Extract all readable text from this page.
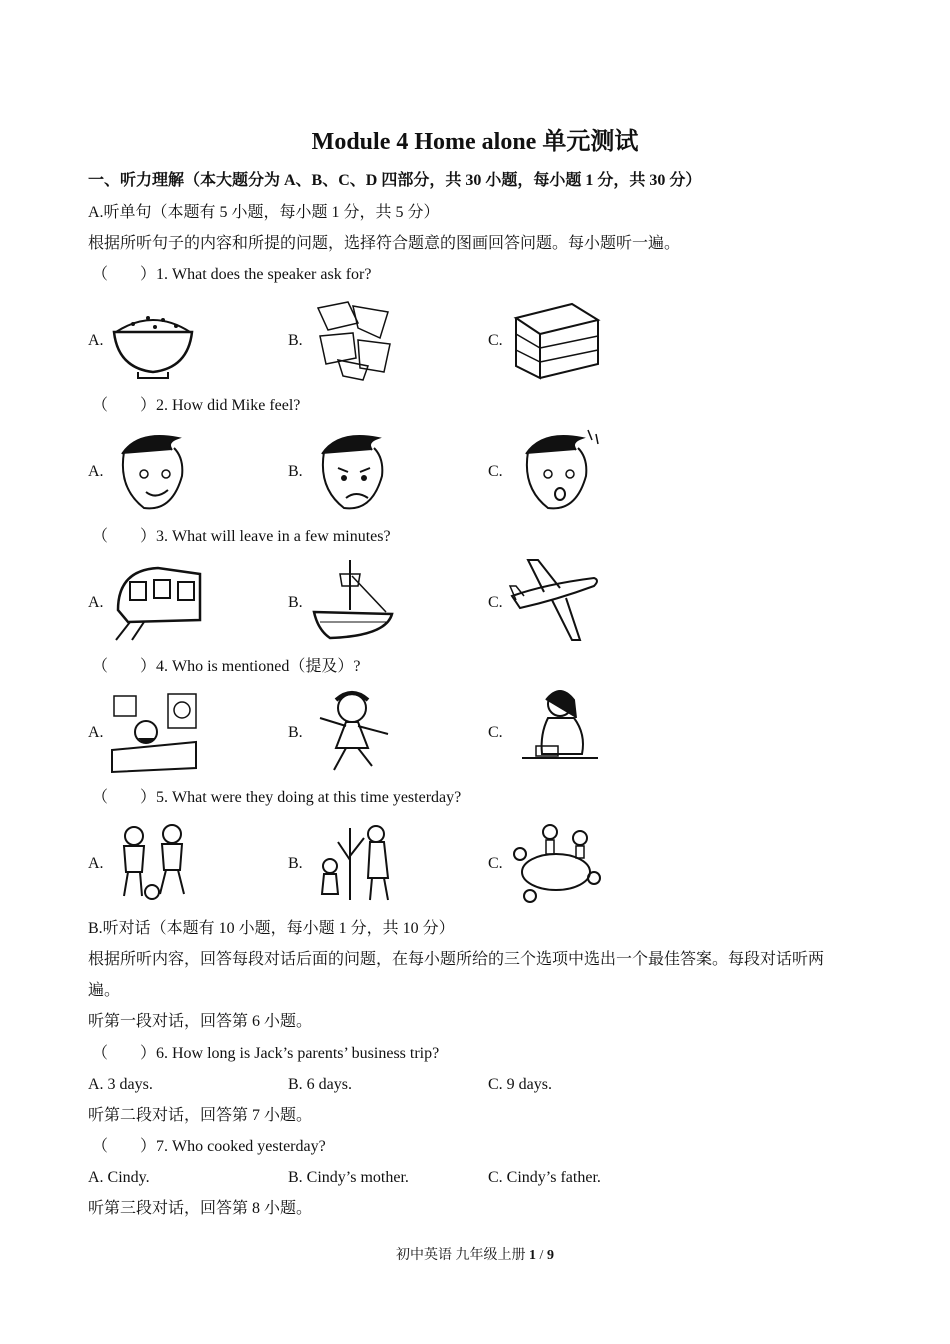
Module 4 Home alone 单元测试
一、听力理解（本大题分为 A、B、C、D 四部分，共 30 小题，每小题 1 分，共 30 分）
A.听单句（本题有 5 小题，每小题 1 分，共 5 分）
根据所听句子的内容和所提的问题，选择符合题意的图画回答问题。每小题听一遍。
（　　）1. What does the speaker ask for?
A.	B.	C.
（　　）2. How did Mike feel?
A.	B.	C.
（　　）3. What will leave in a few minutes?
A.	B.	C.
（　　）4. Who is mentioned（提及）?
A.	B.	C.
（　　）5. What were they doing at this time yesterday?
A.	B.	C.
B.听对话（本题有 10 小题，每小题 1 分，共 10 分）
根据所听内容，回答每段对话后面的问题，在每小题所给的三个选项中选出一个最佳答案。每段对话听两
遍。
听第一段对话，回答第 6 小题。
（　　）6. How long is Jack’s parents’ business trip?
A. 3 days.	B. 6 days.	C. 9 days.
听第二段对话，回答第 7 小题。
（　　）7. Who cooked yesterday?
A. Cindy.	B. Cindy’s mother.	C. Cindy’s father.
听第三段对话，回答第 8 小题。
初中英语 九年级上册 1 / 9
